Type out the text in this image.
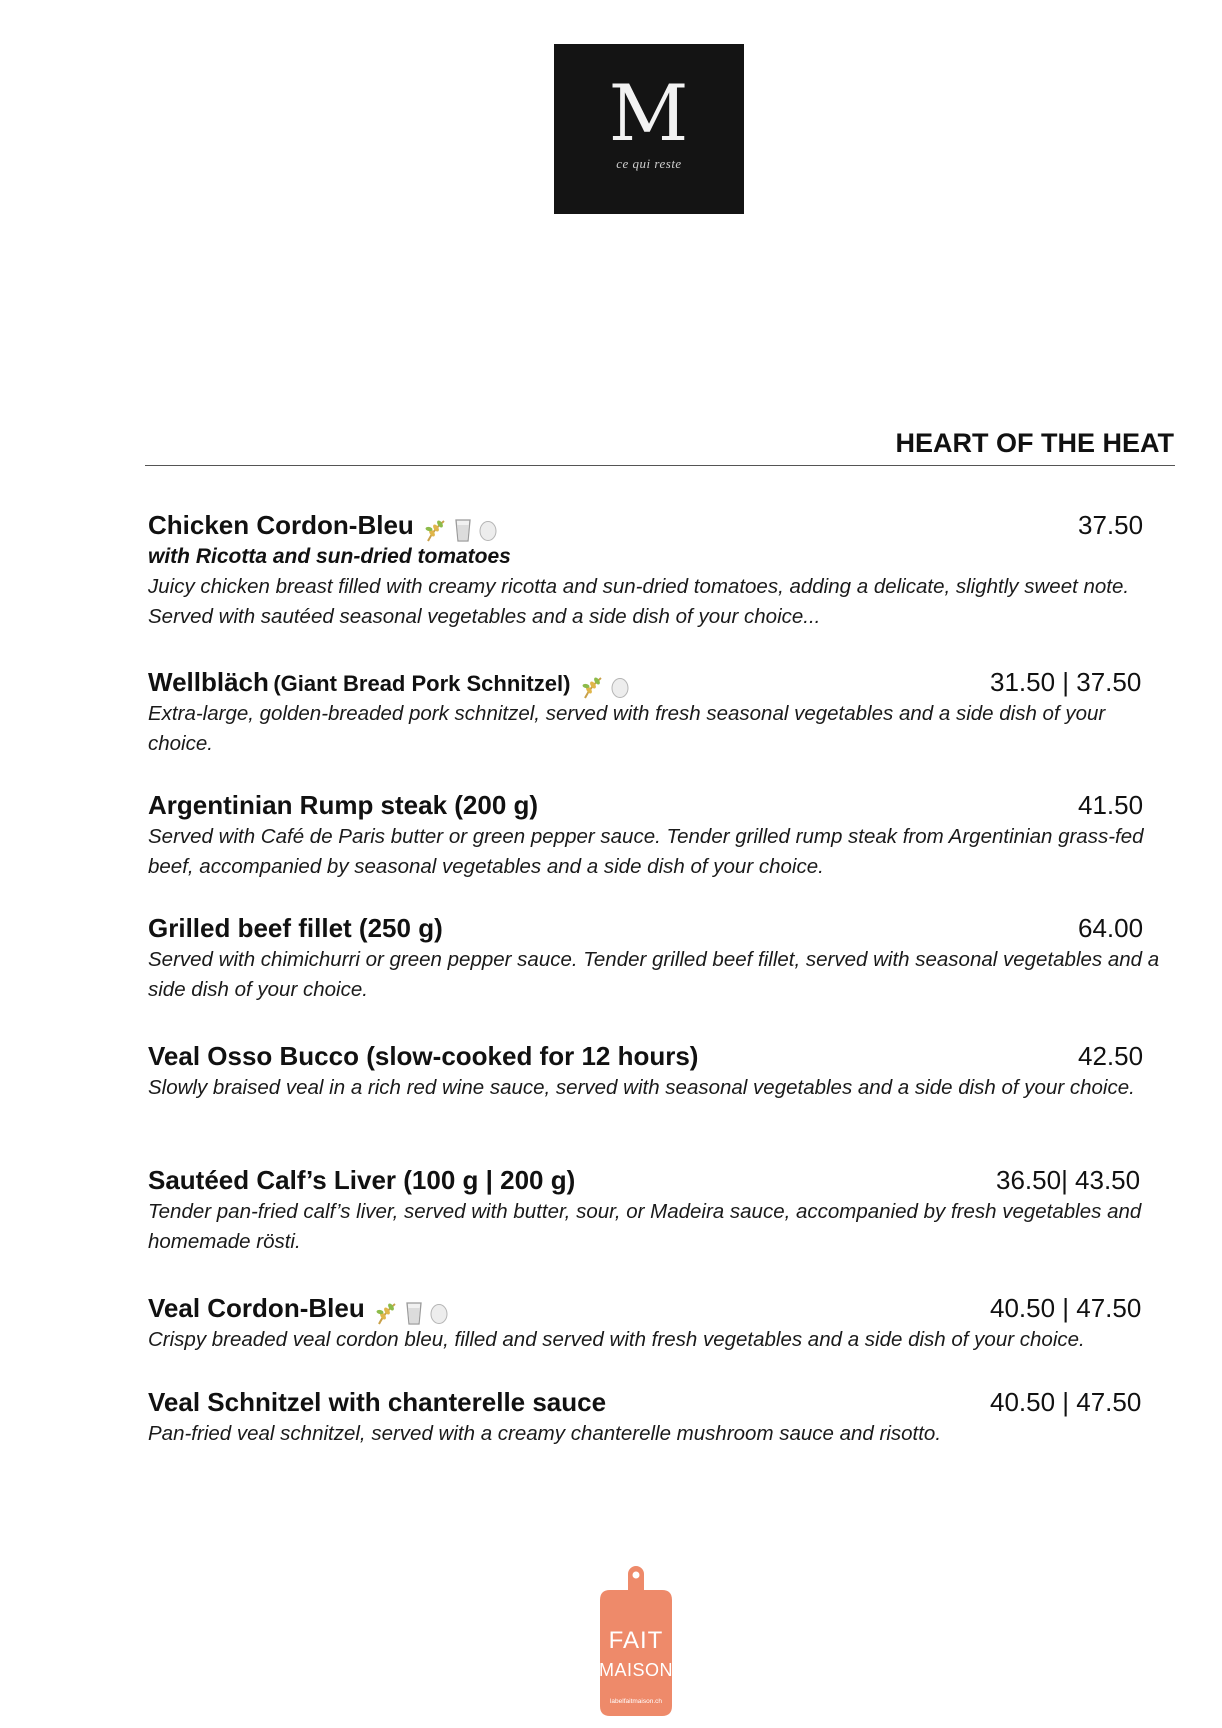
M
ce qui reste
HEART OF THE HEAT
Chicken Cordon-Bleu	37.50
with Ricotta and sun-dried tomatoes
Juicy chicken breast filled with creamy ricotta and sun-dried tomatoes, adding a delicate, slightly sweet note. Served with sautéed seasonal vegetables and a side dish of your choice...
Wellbläch (Giant Bread Pork Schnitzel)	31.50 | 37.50
Extra-large, golden-breaded pork schnitzel, served with fresh seasonal vegetables and a side dish of your choice.
Argentinian Rump steak (200 g)	41.50
Served with Café de Paris butter or green pepper sauce. Tender grilled rump steak from Argentinian grass-fed beef, accompanied by seasonal vegetables and a side dish of your choice.
Grilled beef fillet (250 g)	64.00
Served with chimichurri or green pepper sauce. Tender grilled beef fillet, served with seasonal vegetables and a side dish of your choice.
Veal Osso Bucco (slow-cooked for 12 hours)	42.50
Slowly braised veal in a rich red wine sauce, served with seasonal vegetables and a side dish of your choice.
Sautéed Calf’s Liver (100 g | 200 g)	36.50| 43.50
Tender pan-fried calf’s liver, served with butter, sour, or Madeira sauce, accompanied by fresh vegetables and homemade rösti.
Veal Cordon-Bleu	40.50 | 47.50
Crispy breaded veal cordon bleu, filled and served with fresh vegetables and a side dish of your choice.
Veal Schnitzel with chanterelle sauce	40.50 | 47.50
Pan-fried veal schnitzel, served with a creamy chanterelle mushroom sauce and risotto.
FAIT
MAISON
labelfaitmaison.ch
